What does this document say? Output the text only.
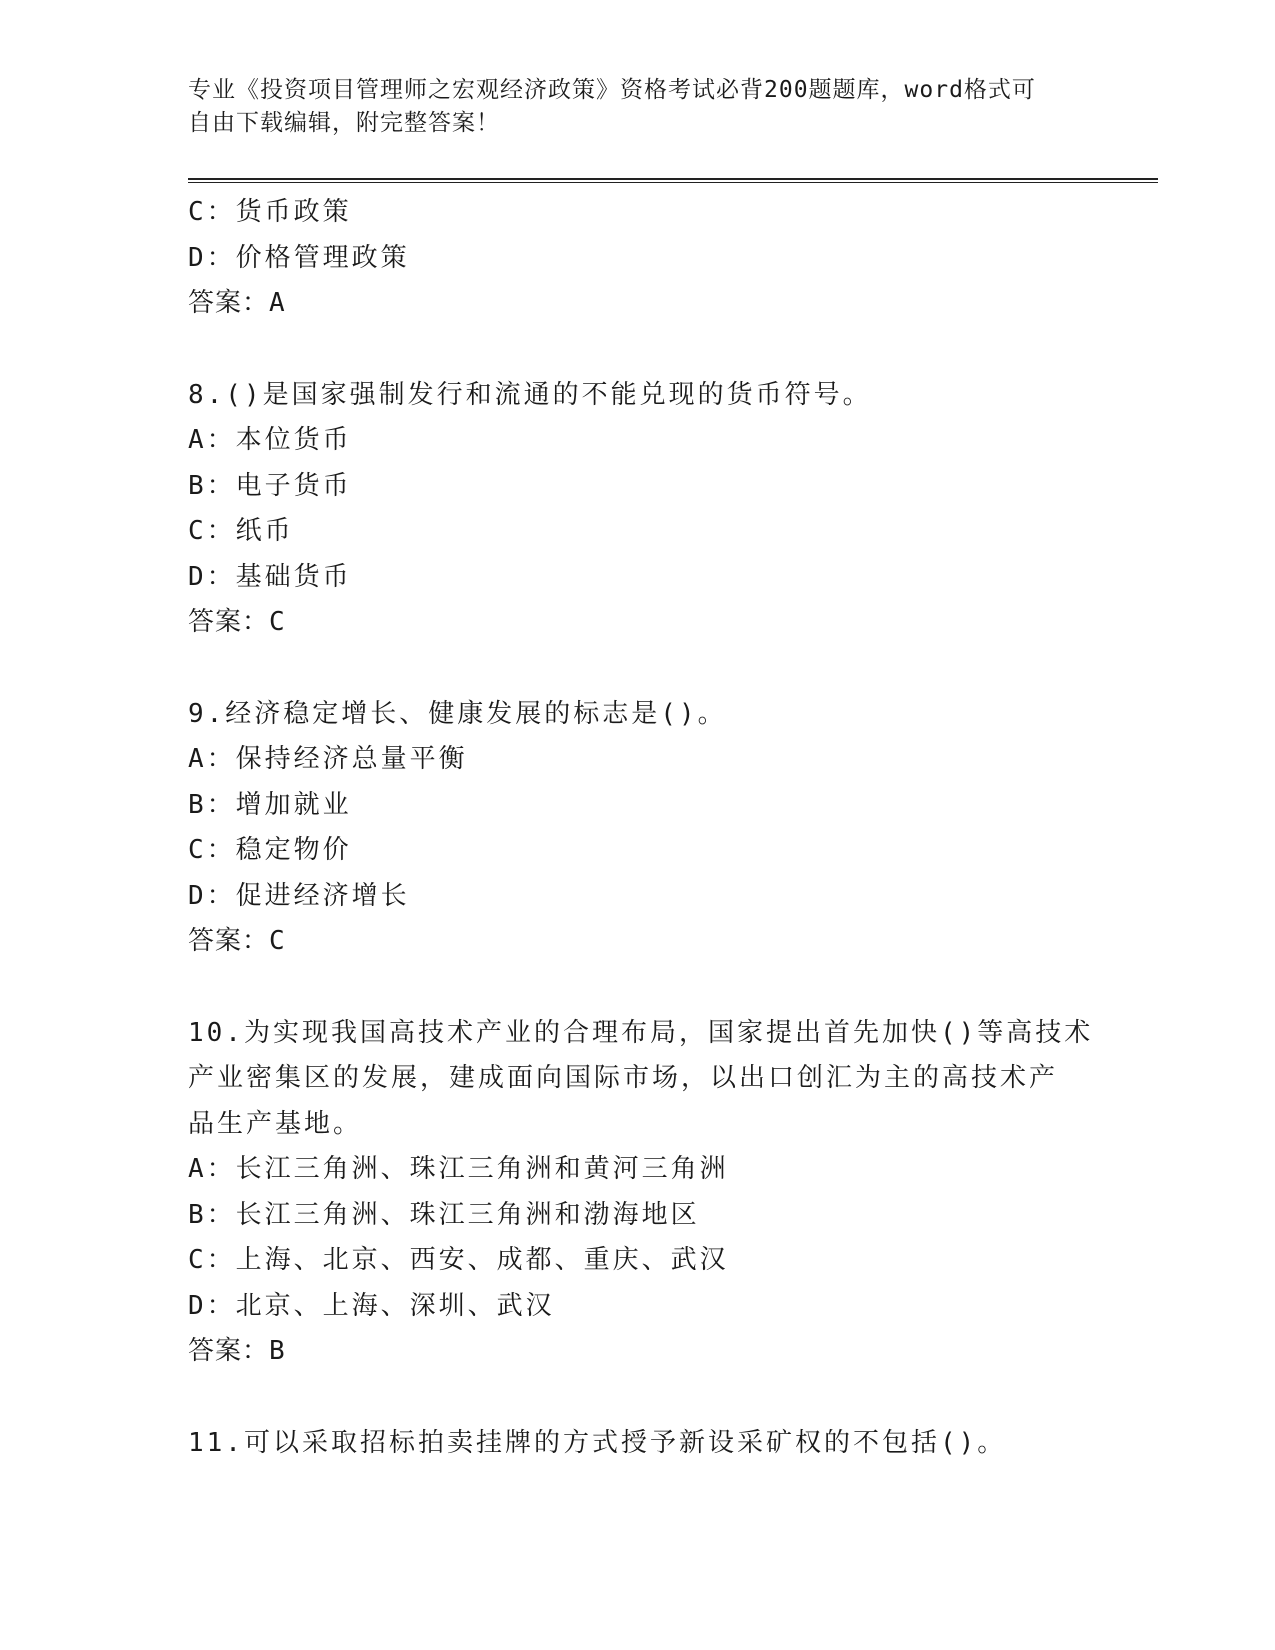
专业《投资项目管理师之宏观经济政策》资格考试必背200题题库，word格式可
自由下载编辑，附完整答案！
C：货币政策
D：价格管理政策
答案：A
8.()是国家强制发行和流通的不能兑现的货币符号。
A：本位货币
B：电子货币
C：纸币
D：基础货币
答案：C
9.经济稳定增长、健康发展的标志是()。
A：保持经济总量平衡
B：增加就业
C：稳定物价
D：促进经济增长
答案：C
10.为实现我国高技术产业的合理布局，国家提出首先加快()等高技术
产业密集区的发展，建成面向国际市场，以出口创汇为主的高技术产
品生产基地。
A：长江三角洲、珠江三角洲和黄河三角洲
B：长江三角洲、珠江三角洲和渤海地区
C：上海、北京、西安、成都、重庆、武汉
D：北京、上海、深圳、武汉
答案：B
11.可以采取招标拍卖挂牌的方式授予新设采矿权的不包括()。
